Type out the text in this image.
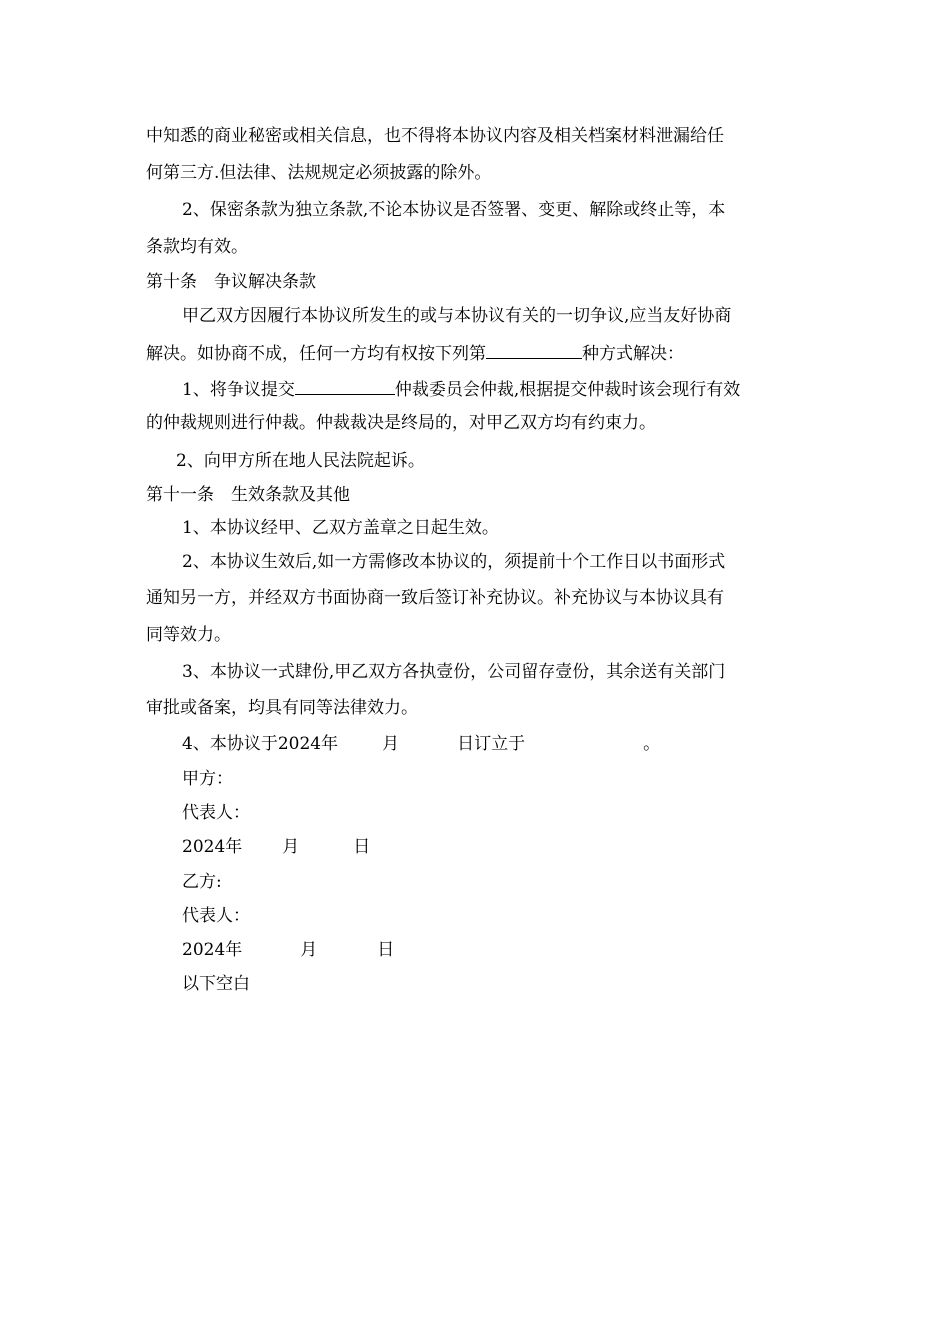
中知悉的商业秘密或相关信息，也不得将本协议内容及相关档案材料泄漏给任
何第三方.但法律、法规规定必须披露的除外。
2、保密条款为独立条款,不论本协议是否签署、变更、解除或终止等，本
条款均有效。
第十条　争议解决条款
甲乙双方因履行本协议所发生的或与本协议有关的一切争议,应当友好协商
解决。如协商不成，任何一方均有权按下列第	种方式解决：
1、将争议提交	仲裁委员会仲裁,根据提交仲裁时该会现行有效
的仲裁规则进行仲裁。仲裁裁决是终局的，对甲乙双方均有约束力。
2、向甲方所在地人民法院起诉。
第十一条　生效条款及其他
1、本协议经甲、乙双方盖章之日起生效。
2、本协议生效后,如一方需修改本协议的，须提前十个工作日以书面形式
通知另一方，并经双方书面协商一致后签订补充协议。补充协议与本协议具有
同等效力。
3、本协议一式肆份,甲乙双方各执壹份，公司留存壹份，其余送有关部门
审批或备案，均具有同等法律效力。
4、本协议于2024年	月	日订立于	。
甲方：
代表人：
2024年 月	日
乙方:
代表人：
2024年	月	日
以下空白
